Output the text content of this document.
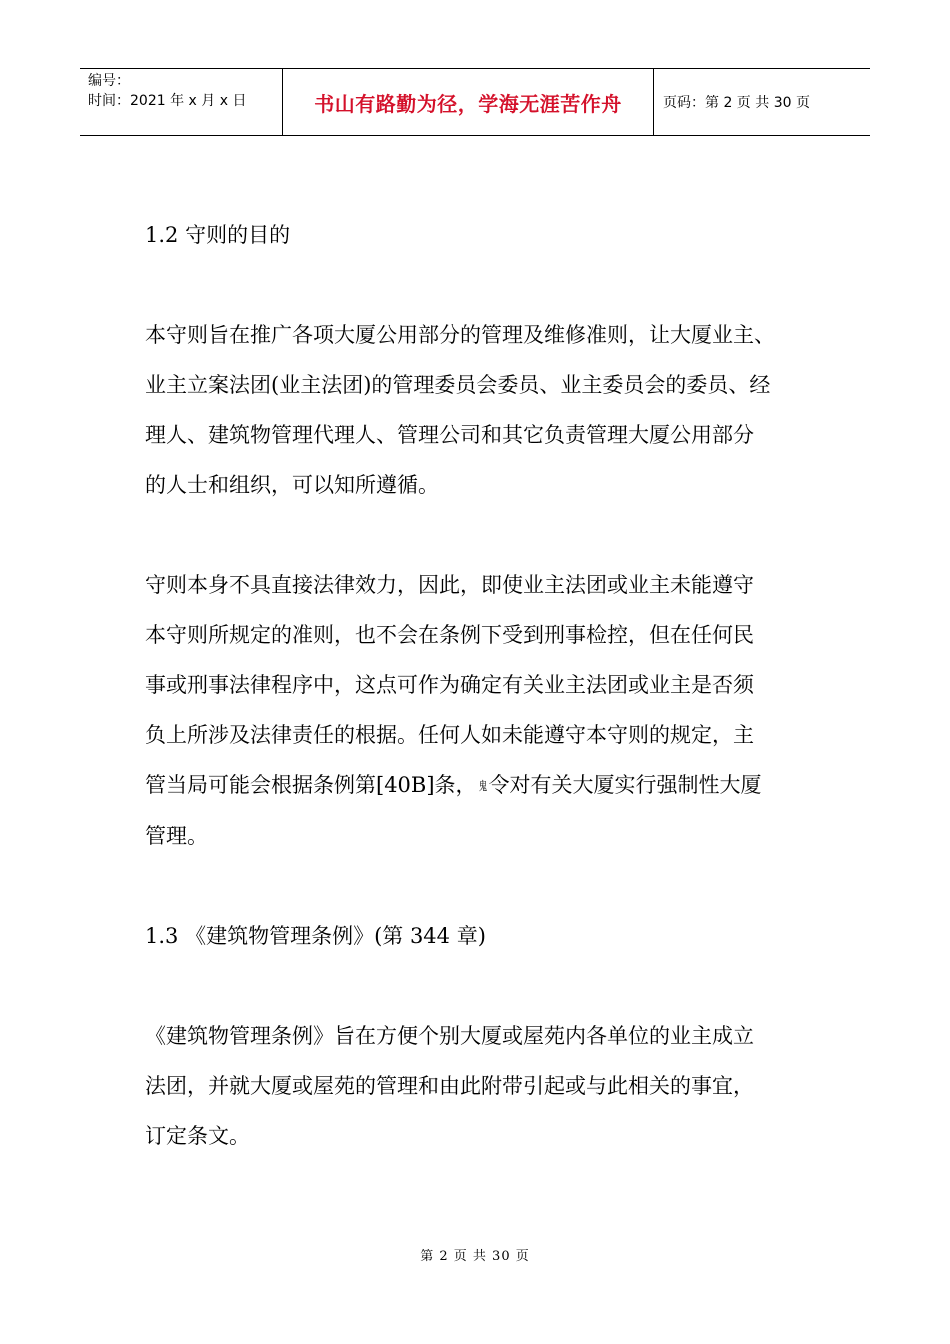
编号：
时间：2021 年 x 月 x 日	书山有路勤为径，学海无涯苦作舟	页码：第 2 页 共 30 页

1.2 守则的目的

本守则旨在推广各项大厦公用部分的管理及维修准则，让大厦业主、

业主立案法团(业主法团)的管理委员会委员、业主委员会的委员、经

理人、建筑物管理代理人、管理公司和其它负责管理大厦公用部分

的人士和组织，可以知所遵循。

守则本身不具直接法律效力，因此，即使业主法团或业主未能遵守

本守则所规定的准则，也不会在条例下受到刑事检控，但在任何民

事或刑事法律程序中，这点可作为确定有关业主法团或业主是否须

负上所涉及法律责任的根据。任何人如未能遵守本守则的规定，主

管当局可能会根据条例第[40B]条， ⻤令对有关大厦实行强制性大厦

管理。

1.3 《建筑物管理条例》(第 344 章)

《建筑物管理条例》旨在方便个别大厦或屋苑内各单位的业主成立

法团，并就大厦或屋苑的管理和由此附带引起或与此相关的事宜，

订定条文。

第 2 页 共 30 页
